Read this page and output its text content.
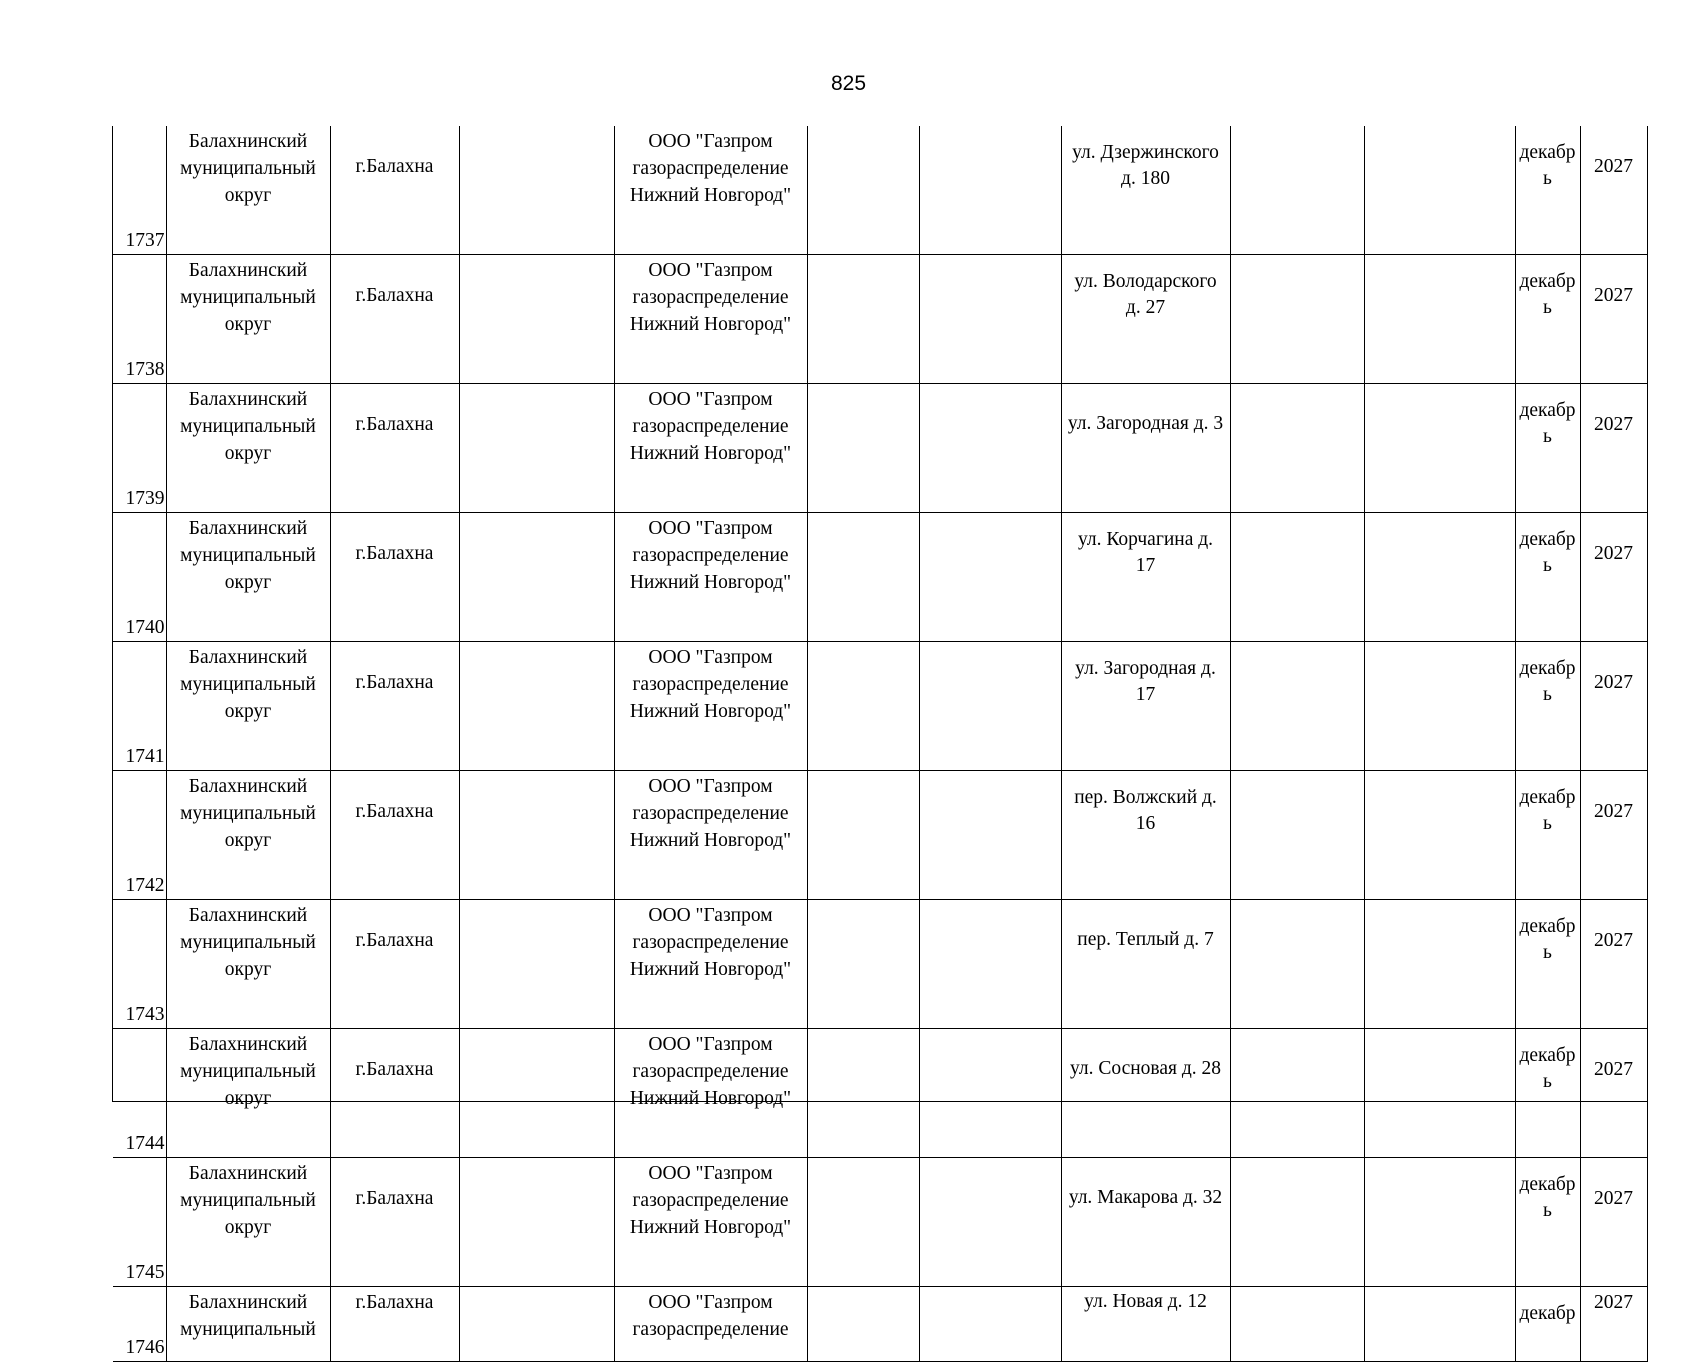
825
1737	Балахнинский
муниципальный
округ	г.Балахна		ООО "Газпром
газораспределение
Нижний Новгород"			ул. Дзержинского
д. 180			декабр
ь	2027
1738	Балахнинский
муниципальный
округ	г.Балахна		ООО "Газпром
газораспределение
Нижний Новгород"			ул. Володарского
д. 27			декабр
ь	2027
1739	Балахнинский
муниципальный
округ	г.Балахна		ООО "Газпром
газораспределение
Нижний Новгород"			ул. Загородная д. 3			декабр
ь	2027
1740	Балахнинский
муниципальный
округ	г.Балахна		ООО "Газпром
газораспределение
Нижний Новгород"			ул. Корчагина д.
17			декабр
ь	2027
1741	Балахнинский
муниципальный
округ	г.Балахна		ООО "Газпром
газораспределение
Нижний Новгород"			ул. Загородная д.
17			декабр
ь	2027
1742	Балахнинский
муниципальный
округ	г.Балахна		ООО "Газпром
газораспределение
Нижний Новгород"			пер. Волжский д.
16			декабр
ь	2027
1743	Балахнинский
муниципальный
округ	г.Балахна		ООО "Газпром
газораспределение
Нижний Новгород"			пер. Теплый д. 7			декабр
ь	2027
1744	Балахнинский
муниципальный
округ	г.Балахна		ООО "Газпром
газораспределение
Нижний Новгород"			ул. Сосновая д. 28			декабр
ь	2027
1745	Балахнинский
муниципальный
округ	г.Балахна		ООО "Газпром
газораспределение
Нижний Новгород"			ул. Макарова д. 32			декабр
ь	2027
1746	Балахнинский
муниципальный	г.Балахна		ООО "Газпром
газораспределение			ул. Новая д. 12			декабр	2027
